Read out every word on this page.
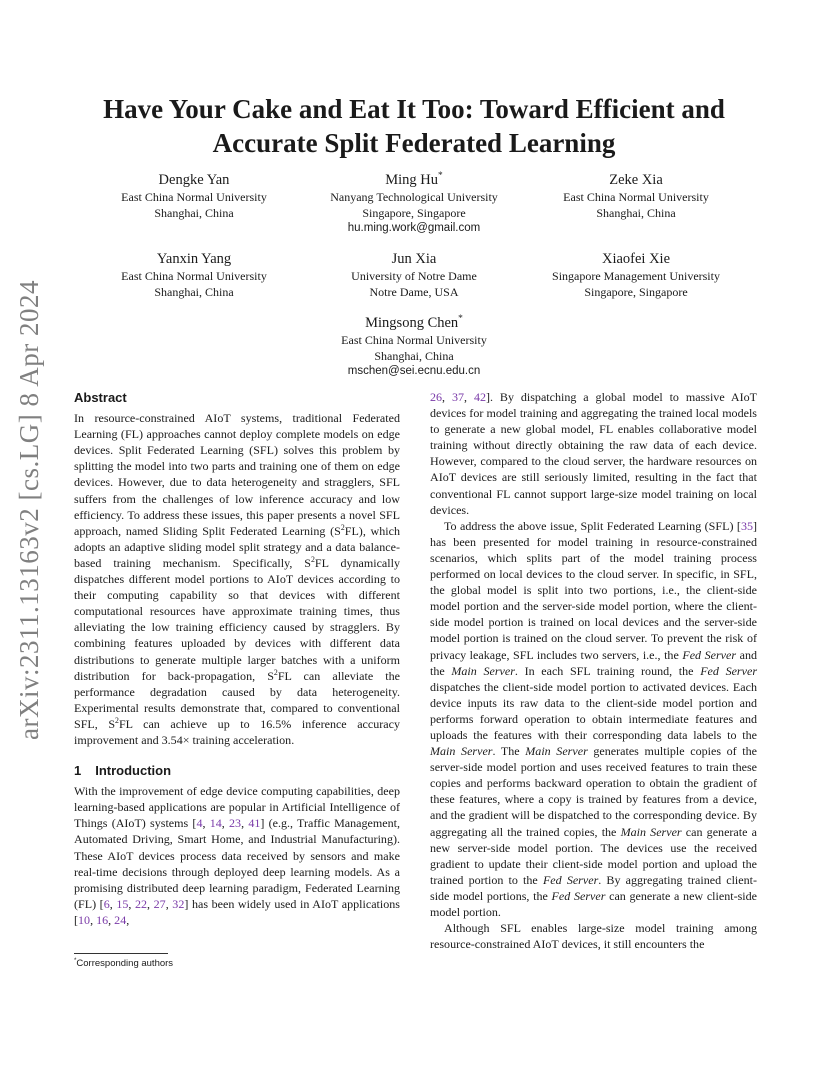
Have Your Cake and Eat It Too: Toward Efficient and
Accurate Split Federated Learning
arXiv:2311.13163v2 [cs.LG] 8 Apr 2024
Dengke Yan
East China Normal University
Shanghai, China
Ming Hu*
Nanyang Technological University
Singapore, Singapore
hu.ming.work@gmail.com
Zeke Xia
East China Normal University
Shanghai, China
Yanxin Yang
East China Normal University
Shanghai, China
Jun Xia
University of Notre Dame
Notre Dame, USA
Xiaofei Xie
Singapore Management University
Singapore, Singapore
Mingsong Chen*
East China Normal University
Shanghai, China
mschen@sei.ecnu.edu.cn
Abstract

In resource-constrained AIoT systems, traditional Federated Learning (FL) approaches cannot deploy complete models on edge devices. Split Federated Learning (SFL) solves this problem by splitting the model into two parts and training one of them on edge devices. However, due to data heterogeneity and stragglers, SFL suffers from the challenges of low inference accuracy and low efficiency. To address these issues, this paper presents a novel SFL approach, named Sliding Split Federated Learning $(S^2FL)$, which adopts an adaptive sliding model split strategy and a data balance-based training mechanism. Specifically, $S^2FL$ dynamically dispatches different model portions to AIoT devices according to their computing capability so that devices with different computational resources have approximate training times, thus alleviating the low training efficiency caused by stragglers. By combining features uploaded by devices with different data distributions to generate multiple larger batches with a uniform distribution for back-propagation, $S^2FL$ can alleviate the performance degradation caused by data heterogeneity. Experimental results demonstrate that, compared to conventional SFL, $S^2FL$ can achieve up to 16.5% inference accuracy improvement and 3.54× training acceleration.

1 Introduction

With the improvement of edge device computing capabilities, deep learning-based applications are popular in Artificial Intelligence of Things (AIoT) systems [4, 14, 23, 41] (e.g., Traffic Management, Automated Driving, Smart Home, and Industrial Manufacturing). These AIoT devices process data received by sensors and make real-time decisions through deployed deep learning models. As a promising distributed deep learning paradigm, Federated Learning (FL) [6, 15, 22, 27, 32] has been widely used in AIoT applications [10, 16, 24,

*Corresponding authors

26, 37, 42]. By dispatching a global model to massive AIoT devices for model training and aggregating the trained local models to generate a new global model, FL enables collaborative model training without directly obtaining the raw data of each device. However, compared to the cloud server, the hardware resources on AIoT devices are still seriously limited, resulting in the fact that conventional FL cannot support large-size model training on local devices.

To address the above issue, Split Federated Learning (SFL) [35] has been presented for model training in resource-constrained scenarios, which splits part of the model training process performed on local devices to the cloud server. In specific, in SFL, the global model is split into two portions, i.e., the client-side model portion and the server-side model portion, where the client-side model portion is trained on local devices and the server-side model portion is trained on the cloud server. To prevent the risk of privacy leakage, SFL includes two servers, i.e., the Fed Server and the Main Server. In each SFL training round, the Fed Server dispatches the client-side model portion to activated devices. Each device inputs its raw data to the client-side model portion and performs forward operation to obtain intermediate features and uploads the features with their corresponding data labels to the Main Server. The Main Server generates multiple copies of the server-side model portion and uses received features to train these copies and performs backward operation to obtain the gradient of these features, where a copy is trained by features from a device, and the gradient will be dispatched to the corresponding device. By aggregating all the trained copies, the Main Server can generate a new server-side model portion. The devices use the received gradient to update their client-side model portion and upload the trained portion to the Fed Server. By aggregating trained client-side model portions, the Fed Server can generate a new client-side model portion.

Although SFL enables large-size model training among resource-constrained AIoT devices, it still encounters the
